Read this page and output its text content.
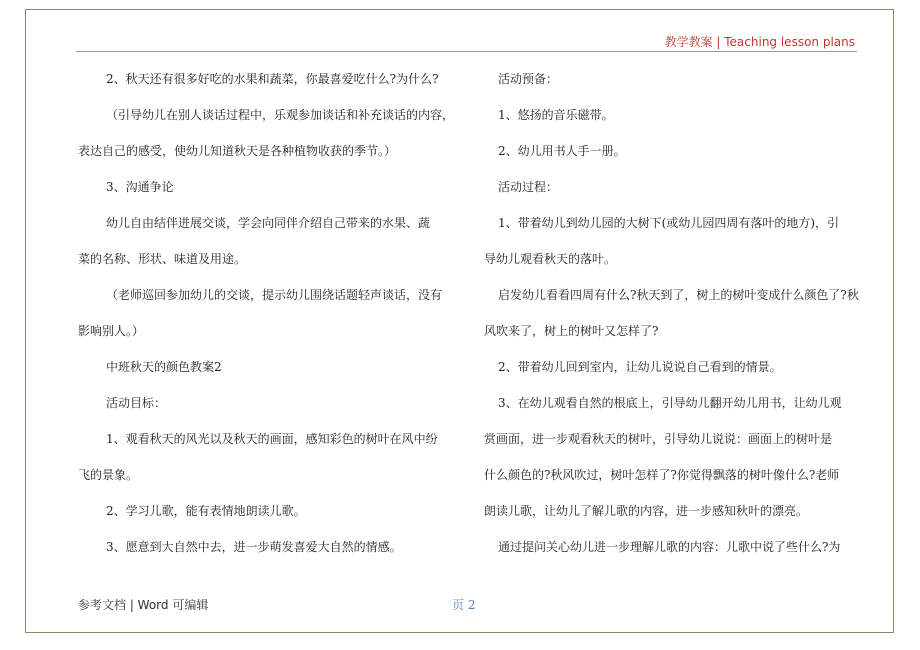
教学教案 | Teaching lesson plans
2、秋天还有很多好吃的水果和蔬菜，你最喜爱吃什么?为什么?
（引导幼儿在别人谈话过程中，乐观参加谈话和补充谈话的内容，
表达自己的感受，使幼儿知道秋天是各种植物收获的季节。）
3、沟通争论
幼儿自由结伴进展交谈，学会向同伴介绍自己带来的水果、蔬
菜的名称、形状、味道及用途。
（老师巡回参加幼儿的交谈，提示幼儿围绕话题轻声谈话，没有
影响别人。）
中班秋天的颜色教案2
活动目标：
1、观看秋天的风光以及秋天的画面，感知彩色的树叶在风中纷
飞的景象。
2、学习儿歌，能有表情地朗读儿歌。
3、愿意到大自然中去，进一步萌发喜爱大自然的情感。
活动预备：
1、悠扬的音乐磁带。
2、幼儿用书人手一册。
活动过程：
1、带着幼儿到幼儿园的大树下(或幼儿园四周有落叶的地方)，引
导幼儿观看秋天的落叶。
启发幼儿看看四周有什么?秋天到了，树上的树叶变成什么颜色了?秋
风吹来了，树上的树叶又怎样了?
2、带着幼儿回到室内，让幼儿说说自己看到的情景。
3、在幼儿观看自然的根底上，引导幼儿翻开幼儿用书，让幼儿观
赏画面，进一步观看秋天的树叶，引导幼儿说说：画面上的树叶是
什么颜色的?秋风吹过，树叶怎样了?你觉得飘落的树叶像什么?老师
朗读儿歌，让幼儿了解儿歌的内容，进一步感知秋叶的漂亮。
通过提问关心幼儿进一步理解儿歌的内容：儿歌中说了些什么?为
参考文档 | Word 可编辑	页 2
